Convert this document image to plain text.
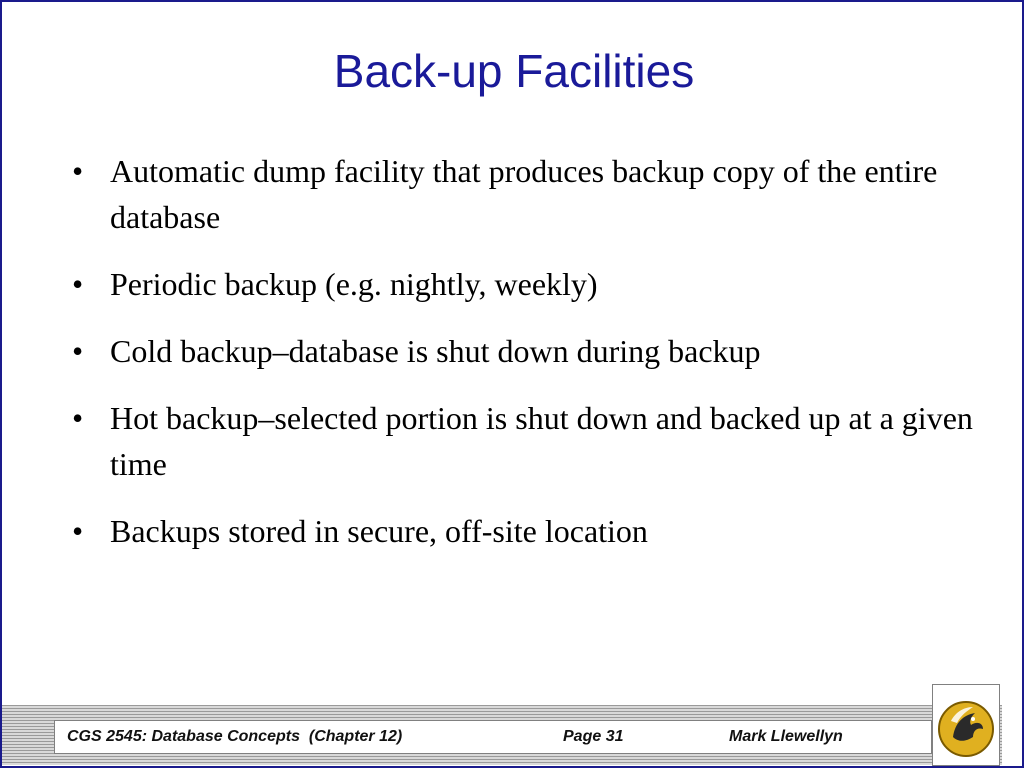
Back-up Facilities
• Automatic dump facility that produces backup copy of the entire database
• Periodic backup (e.g. nightly, weekly)
• Cold backup–database is shut down during backup
• Hot backup–selected portion is shut down and backed up at a given time
• Backups stored in secure, off-site location
CGS 2545: Database Concepts  (Chapter 12)	Page 31	Mark Llewellyn
